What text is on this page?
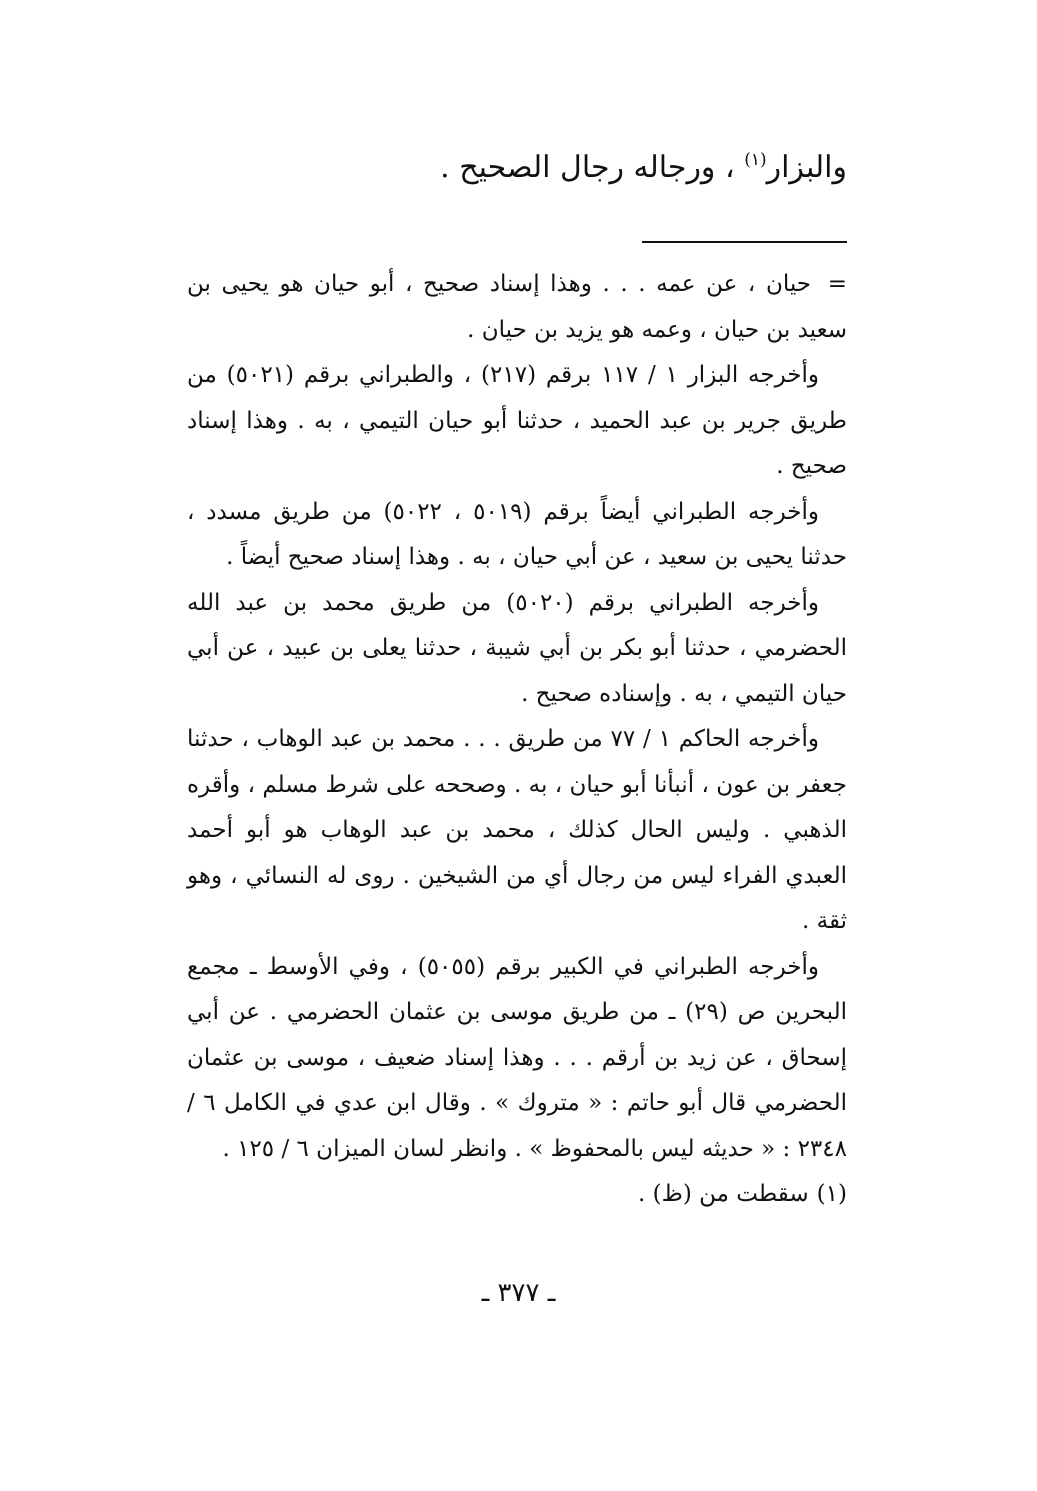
والبزار$^{(١)}$ ، ورجاله رجال الصحيح .

=حيان ، عن عمه . . . وهذا إسناد صحيح ، أبو حيان هو يحيى بن سعيد بن حيان ، وعمه هو يزيد بن حيان .

وأخرجه البزار ١ / ١١٧ برقم (٢١٧) ، والطبراني برقم (٥٠٢١) من طريق جرير بن عبد الحميد ، حدثنا أبو حيان التيمي ، به . وهذا إسناد صحيح .

وأخرجه الطبراني أيضاً برقم (٥٠١٩ ، ٥٠٢٢) من طريق مسدد ، حدثنا يحيى بن سعيد ، عن أبي حيان ، به . وهذا إسناد صحيح أيضاً .

وأخرجه الطبراني برقم (٥٠٢٠) من طريق محمد بن عبد الله الحضرمي ، حدثنا أبو بكر بن أبي شيبة ، حدثنا يعلى بن عبيد ، عن أبي حيان التيمي ، به . وإسناده صحيح .

وأخرجه الحاكم ١ / ٧٧ من طريق . . . محمد بن عبد الوهاب ، حدثنا جعفر بن عون ، أنبأنا أبو حيان ، به . وصححه على شرط مسلم ، وأقره الذهبي . وليس الحال كذلك ، محمد بن عبد الوهاب هو أبو أحمد العبدي الفراء ليس من رجال أي من الشيخين . روى له النسائي ، وهو ثقة .

وأخرجه الطبراني في الكبير برقم (٥٠٥٥) ، وفي الأوسط ـ مجمع البحرين ص (٢٩) ـ من طريق موسى بن عثمان الحضرمي . عن أبي إسحاق ، عن زيد بن أرقم . . . وهذا إسناد ضعيف ، موسى بن عثمان الحضرمي قال أبو حاتم : « متروك » . وقال ابن عدي في الكامل ٦ / ٢٣٤٨ : « حديثه ليس بالمحفوظ » . وانظر لسان الميزان ٦ / ١٢٥ .

(١)سقطت من (ظ) .

ـ ٣٧٧ ـ
